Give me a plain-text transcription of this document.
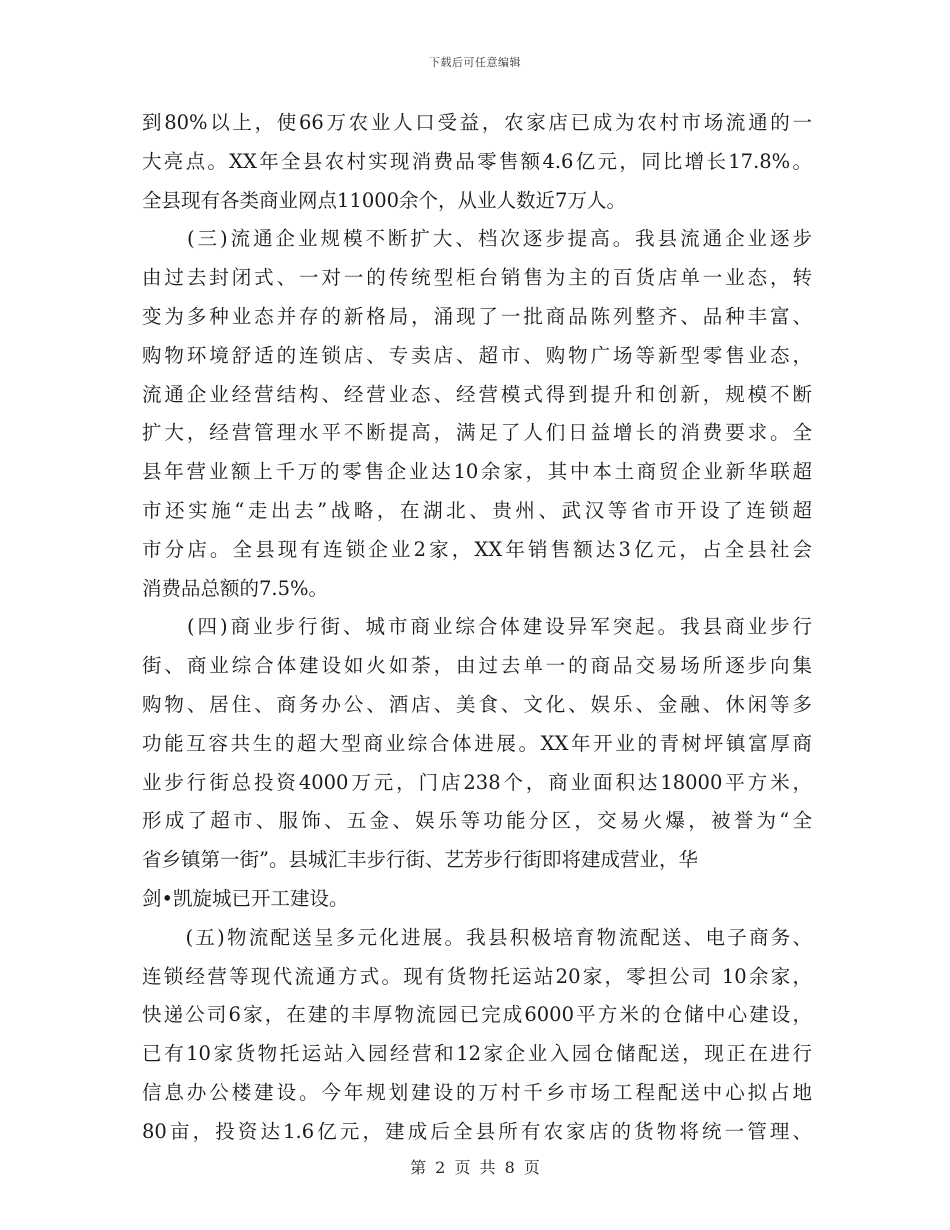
下载后可任意编辑
到80%以上，使66万农业人口受益，农家店已成为农村市场流通的一
大亮点。XX年全县农村实现消费品零售额4.6亿元，同比增长17.8%。
全县现有各类商业网点11000余个，从业人数近7万人。
　　(三)流通企业规模不断扩大、档次逐步提高。我县流通企业逐步
由过去封闭式、一对一的传统型柜台销售为主的百货店单一业态，转
变为多种业态并存的新格局，涌现了一批商品陈列整齐、品种丰富、
购物环境舒适的连锁店、专卖店、超市、购物广场等新型零售业态，
流通企业经营结构、经营业态、经营模式得到提升和创新，规模不断
扩大，经营管理水平不断提高，满足了人们日益增长的消费要求。全
县年营业额上千万的零售企业达10余家，其中本土商贸企业新华联超
市还实施“走出去”战略，在湖北、贵州、武汉等省市开设了连锁超
市分店。全县现有连锁企业2家，XX年销售额达3亿元，占全县社会
消费品总额的7.5%。
　　(四)商业步行街、城市商业综合体建设异军突起。我县商业步行
街、商业综合体建设如火如荼，由过去单一的商品交易场所逐步向集
购物、居住、商务办公、酒店、美食、文化、娱乐、金融、休闲等多
功能互容共生的超大型商业综合体进展。XX年开业的青树坪镇富厚商
业步行街总投资4000万元，门店238个，商业面积达18000平方米，
形成了超市、服饰、五金、娱乐等功能分区，交易火爆，被誉为“全
省乡镇第一街”。县城汇丰步行街、艺芳步行街即将建成营业，华
剑•凯旋城已开工建设。
　　(五)物流配送呈多元化进展。我县积极培育物流配送、电子商务、
连锁经营等现代流通方式。现有货物托运站20家，零担公司 10余家，
快递公司6家，在建的丰厚物流园已完成6000平方米的仓储中心建设，
已有10家货物托运站入园经营和12家企业入园仓储配送，现正在进行
信息办公楼建设。今年规划建设的万村千乡市场工程配送中心拟占地
80亩，投资达1.6亿元，建成后全县所有农家店的货物将统一管理、
第 2 页 共 8 页
